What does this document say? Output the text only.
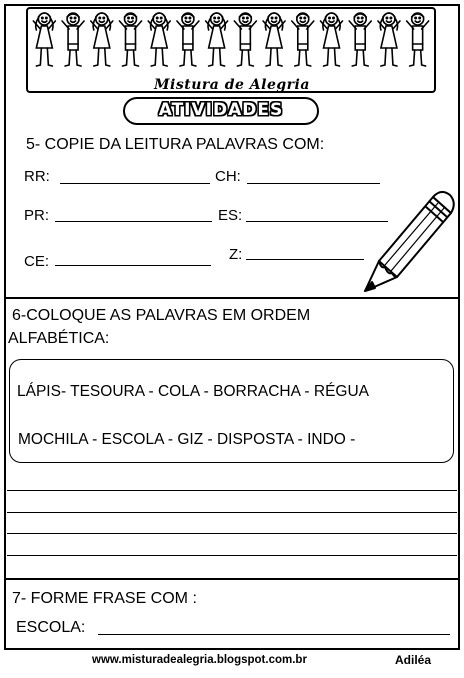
Mistura de Alegria
ATIVIDADES
5- COPIE DA LEITURA PALAVRAS COM:
RR:	CH:
PR:	ES:
CE:	Z:
6-COLOQUE AS PALAVRAS EM ORDEM
ALFABÉTICA:
LÁPIS- TESOURA - COLA - BORRACHA - RÉGUA
MOCHILA - ESCOLA - GIZ - DISPOSTA - INDO -
7- FORME FRASE COM :
ESCOLA:
www.misturadealegria.blogspot.com.br	Adiléa
